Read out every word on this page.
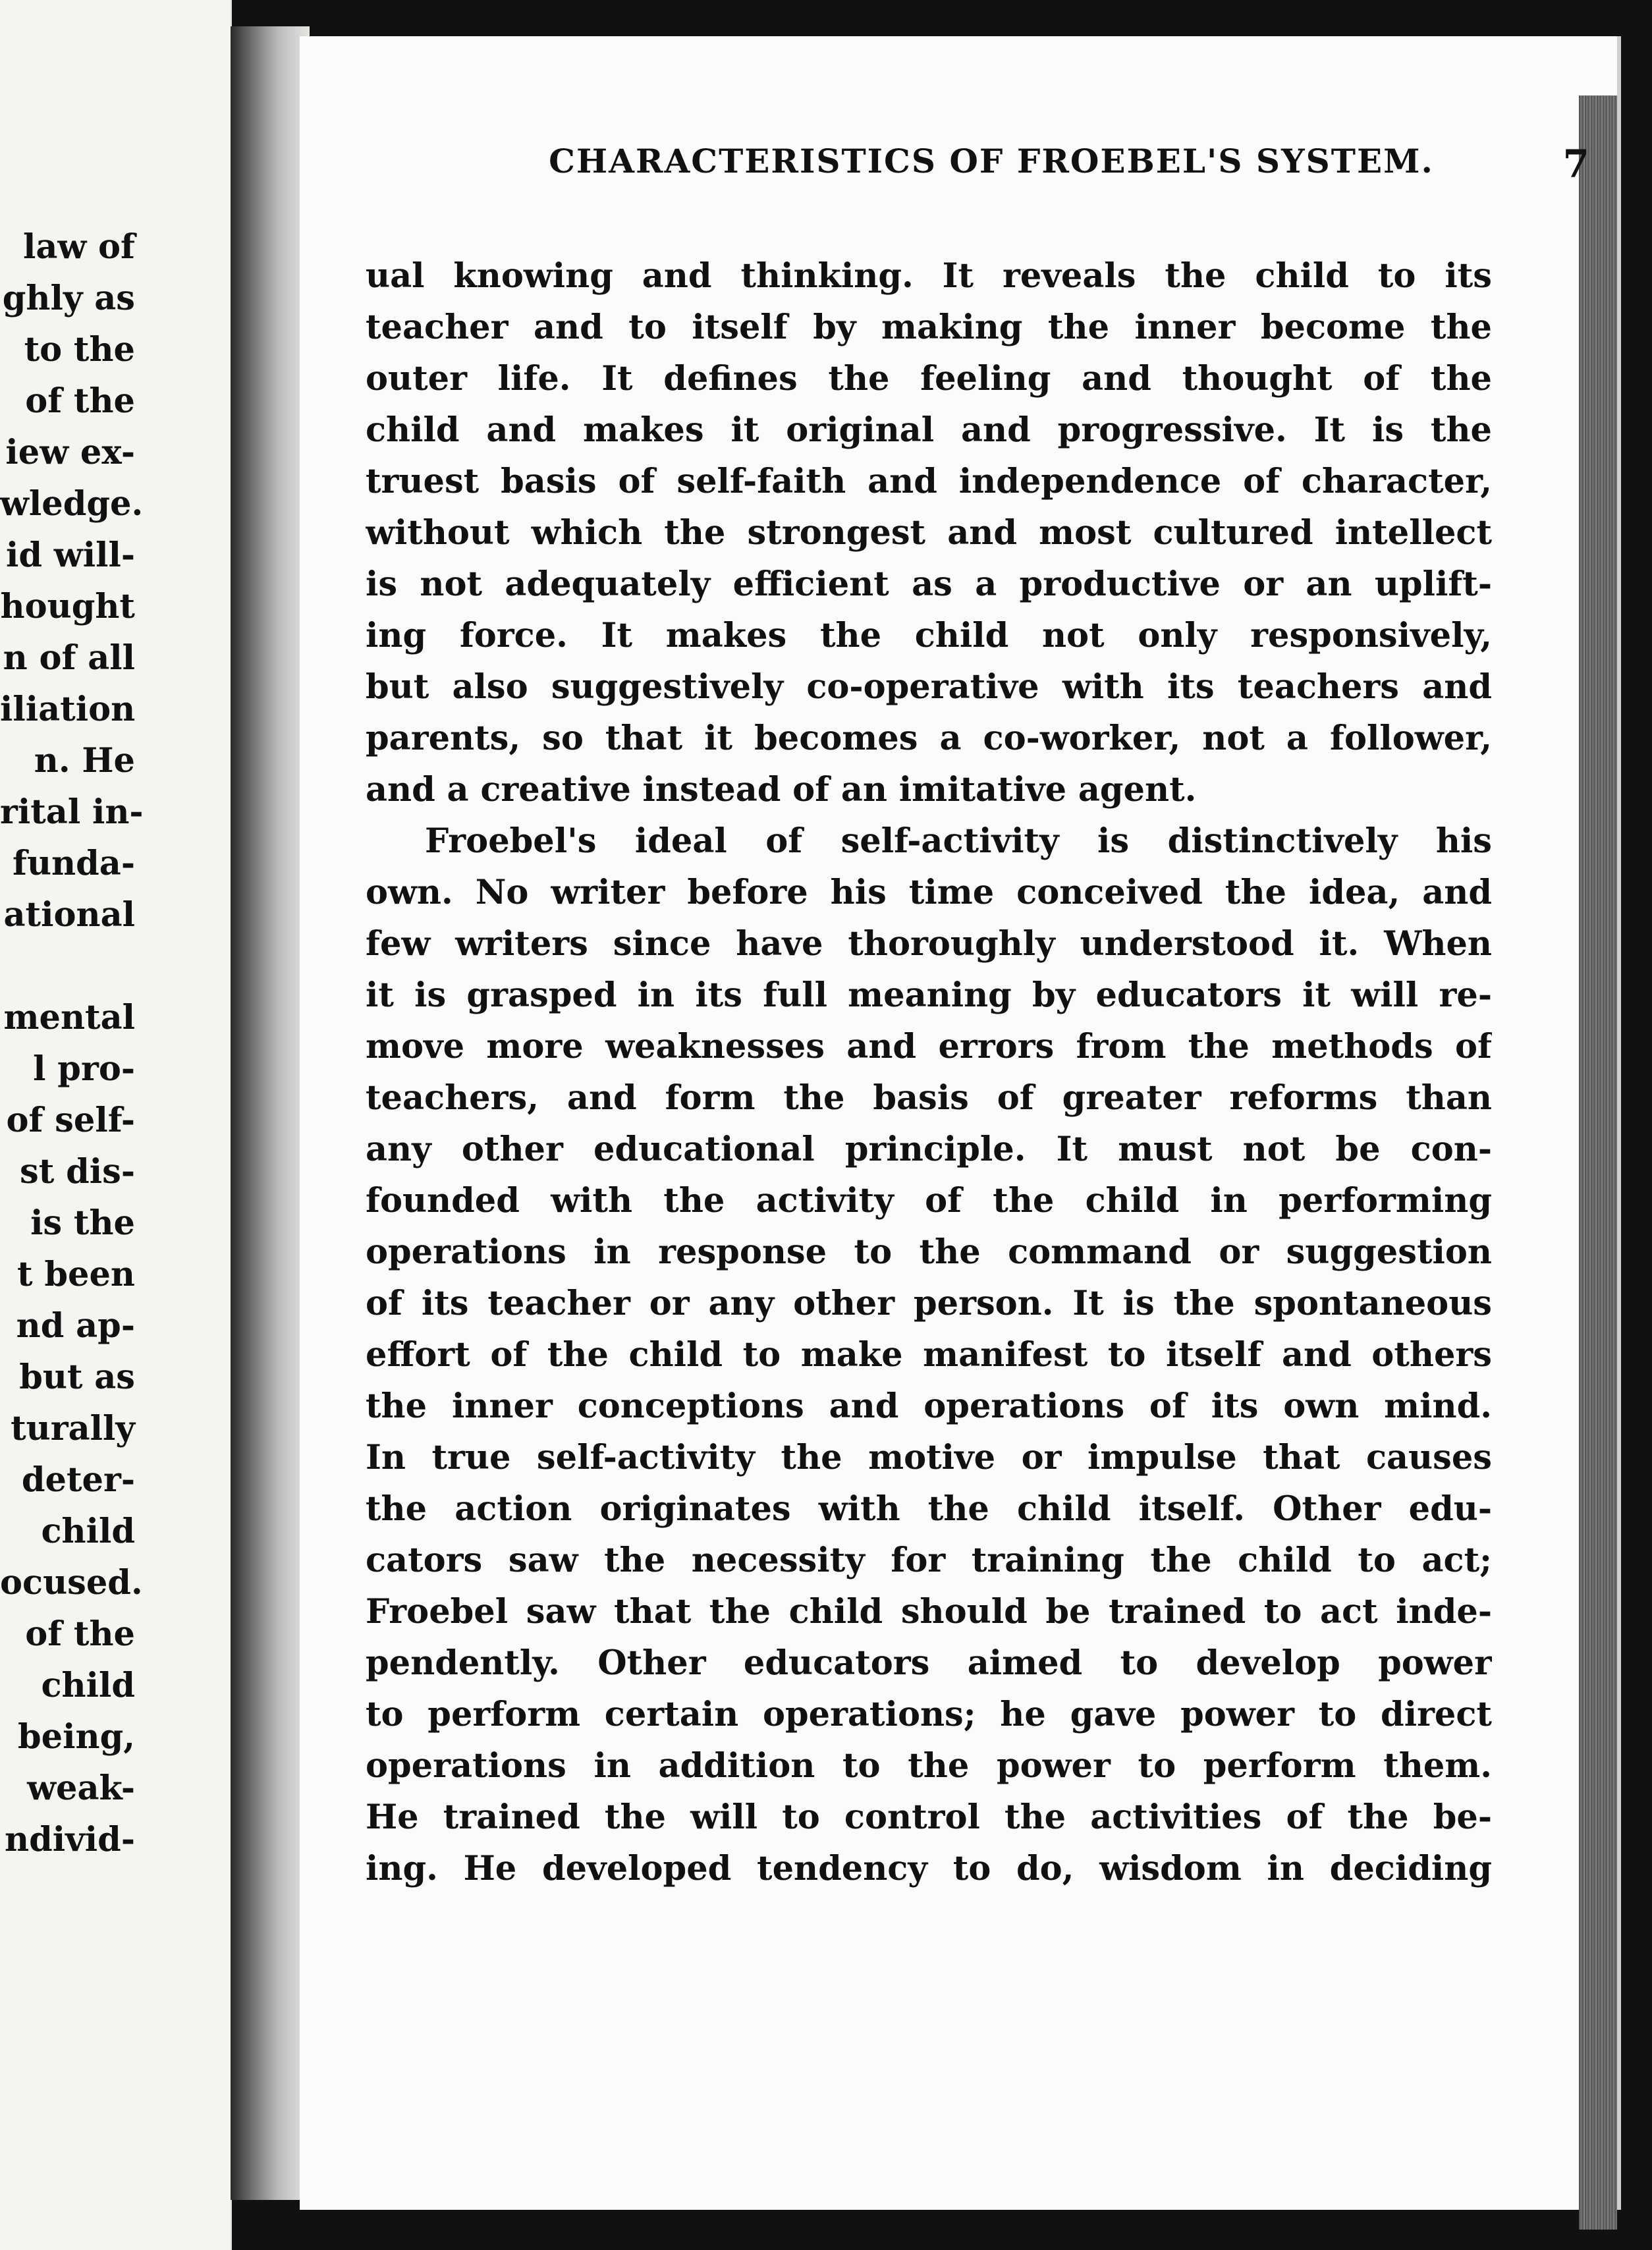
law of
ghly as
to the
of the
iew ex-
wledge.
id will-
hought
n of all
iliation
n. He
rital in-
funda-
ational
mental
l pro-
of self-
st dis-
is the
t been
nd ap-
but as
turally
deter-
child
ocused.
of the
child
being,
weak-
ndivid-
CHARACTERISTICS OF FROEBEL'S SYSTEM.	7
ual knowing and thinking. It reveals the child to its
teacher and to itself by making the inner become the
outer life. It defines the feeling and thought of the
child and makes it original and progressive. It is the
truest basis of self-faith and independence of character,
without which the strongest and most cultured intellect
is not adequately efficient as a productive or an uplift-
ing force. It makes the child not only responsively,
but also suggestively co-operative with its teachers and
parents, so that it becomes a co-worker, not a follower,
and a creative instead of an imitative agent.
Froebel's ideal of self-activity is distinctively his
own. No writer before his time conceived the idea, and
few writers since have thoroughly understood it. When
it is grasped in its full meaning by educators it will re-
move more weaknesses and errors from the methods of
teachers, and form the basis of greater reforms than
any other educational principle. It must not be con-
founded with the activity of the child in performing
operations in response to the command or suggestion
of its teacher or any other person. It is the spontaneous
effort of the child to make manifest to itself and others
the inner conceptions and operations of its own mind.
In true self-activity the motive or impulse that causes
the action originates with the child itself. Other edu-
cators saw the necessity for training the child to act;
Froebel saw that the child should be trained to act inde-
pendently. Other educators aimed to develop power
to perform certain operations; he gave power to direct
operations in addition to the power to perform them.
He trained the will to control the activities of the be-
ing. He developed tendency to do, wisdom in deciding
